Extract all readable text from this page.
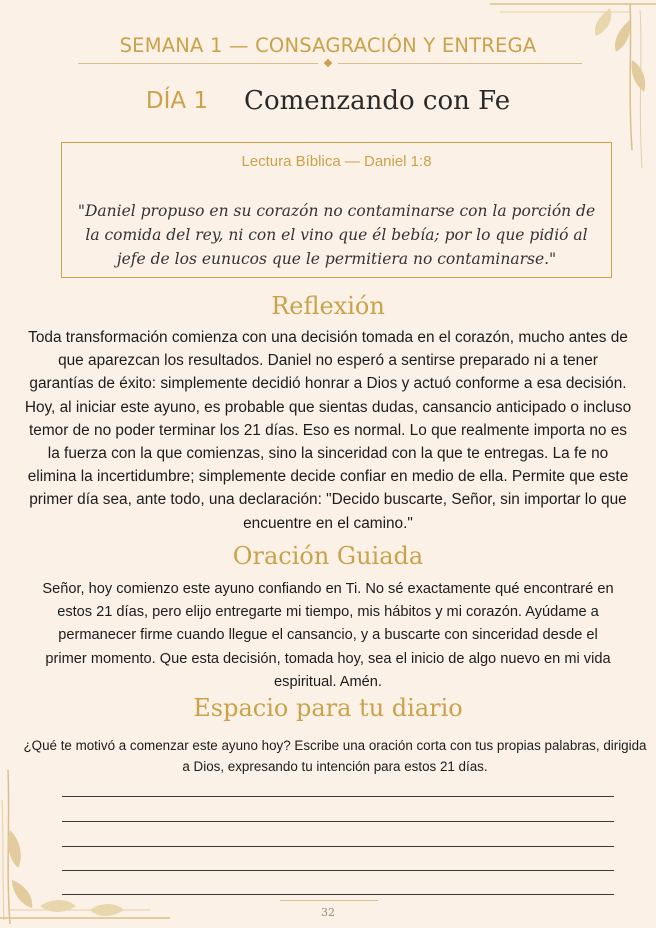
SEMANA 1 — CONSAGRACIÓN Y ENTREGA
DÍA 1 Comenzando con Fe
Lectura Bíblica — Daniel 1:8
"Daniel propuso en su corazón no contaminarse con la porción de la comida del rey, ni con el vino que él bebía; por lo que pidió al jefe de los eunucos que le permitiera no contaminarse."
Reflexión
Toda transformación comienza con una decisión tomada en el corazón, mucho antes de que aparezcan los resultados. Daniel no esperó a sentirse preparado ni a tener garantías de éxito: simplemente decidió honrar a Dios y actuó conforme a esa decisión. Hoy, al iniciar este ayuno, es probable que sientas dudas, cansancio anticipado o incluso temor de no poder terminar los 21 días. Eso es normal. Lo que realmente importa no es la fuerza con la que comienzas, sino la sinceridad con la que te entregas. La fe no elimina la incertidumbre; simplemente decide confiar en medio de ella. Permite que este primer día sea, ante todo, una declaración: "Decido buscarte, Señor, sin importar lo que encuentre en el camino."
Oración Guiada
Señor, hoy comienzo este ayuno confiando en Ti. No sé exactamente qué encontraré en estos 21 días, pero elijo entregarte mi tiempo, mis hábitos y mi corazón. Ayúdame a permanecer firme cuando llegue el cansancio, y a buscarte con sinceridad desde el primer momento. Que esta decisión, tomada hoy, sea el inicio de algo nuevo en mi vida espiritual. Amén.
Espacio para tu diario
¿Qué te motivó a comenzar este ayuno hoy? Escribe una oración corta con tus propias palabras, dirigida a Dios, expresando tu intención para estos 21 días.
32
